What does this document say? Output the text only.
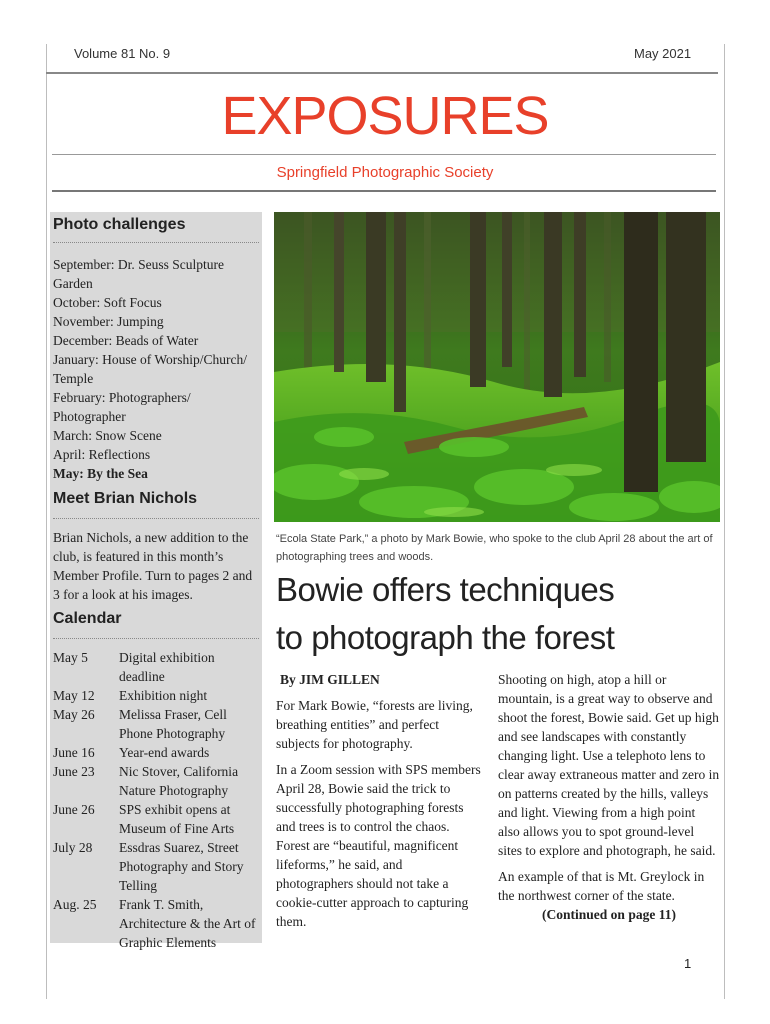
Volume 81 No. 9	May 2021
EXPOSURES
Springfield Photographic Society
Photo challenges
September: Dr. Seuss Sculpture Garden
October: Soft Focus
November: Jumping
December: Beads of Water
January: House of Worship/Church/ Temple
February: Photographers/ Photographer
March: Snow Scene
April: Reflections
May: By the Sea
Meet Brian Nichols
Brian Nichols, a new addition to the club, is featured in this month’s Member Profile. Turn to pages 2 and 3 for a look at his images.
Calendar
May 5	Digital exhibition deadline
May 12	Exhibition night
May 26	Melissa Fraser, Cell Phone Photography
June 16	Year-end awards
June 23	Nic Stover, California Nature Photography
June 26	SPS exhibit opens at Museum of Fine Arts
July 28	Essdras Suarez, Street Photography and Story Telling
Aug. 25	Frank T. Smith, Architecture & the Art of Graphic Elements
“Ecola State Park,” a photo by Mark Bowie, who spoke to the club April 28 about the art of photographing trees and woods.
Bowie offers techniques
to photograph the forest

By JIM GILLEN

For Mark Bowie, “forests are living, breathing entities” and perfect subjects for photography.

In a Zoom session with SPS members April 28, Bowie said the trick to successfully photographing forests and trees is to control the chaos. Forest are “beautiful, magnificent lifeforms,” he said, and photographers should not take a cookie-cutter approach to capturing them.

Shooting on high, atop a hill or mountain, is a great way to observe and shoot the forest, Bowie said. Get up high and see landscapes with constantly changing light. Use a telephoto lens to clear away extraneous matter and zero in on patterns created by the hills, valleys and light. Viewing from a high point also allows you to spot ground-level sites to explore and photograph, he said.

An example of that is Mt. Greylock in the northwest corner of the state.

(Continued on page 11)
1
